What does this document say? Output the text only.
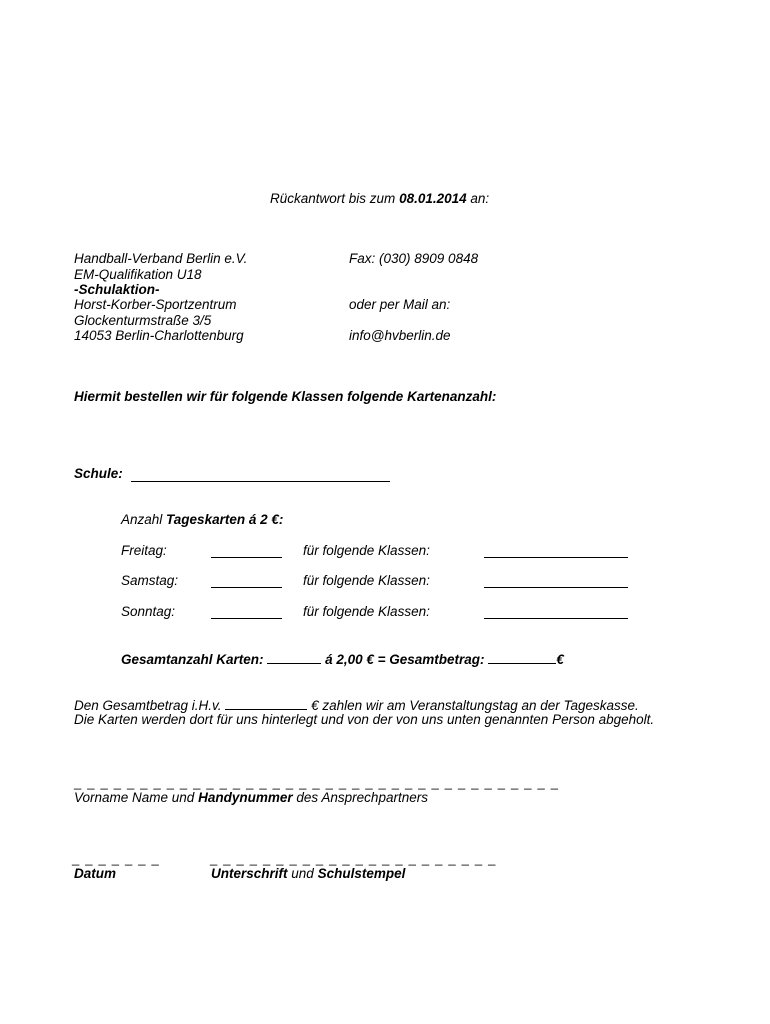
Rückantwort bis zum 08.01.2014 an:
Handball-Verband Berlin e.V.
EM-Qualifikation U18
-Schulaktion-
Horst-Korber-Sportzentrum
Glockenturmstraße 3/5
14053 Berlin-Charlottenburg
Fax: (030) 8909 0848
oder per Mail an:
info@hvberlin.de
Hiermit bestellen wir für folgende Klassen folgende Kartenanzahl:
Schule:
Anzahl Tageskarten á 2 €:
Freitag:	für folgende Klassen:
Samstag:	für folgende Klassen:
Sonntag:	für folgende Klassen:
Gesamtanzahl Karten:	á 2,00 € = Gesamtbetrag:	€
Den Gesamtbetrag i.H.v.	€ zahlen wir am Veranstaltungstag an der Tageskasse.
Die Karten werden dort für uns hinterlegt und von der von uns unten genannten Person abgeholt.
_ _ _ _ _ _ _ _ _ _ _ _ _ _ _ _ _ _ _ _ _ _ _ _ _ _ _ _ _ _ _ _ _ _ _ _ _
Vorname Name und Handynummer des Ansprechpartners
_ _ _ _ _ _ _	_ _ _ _ _ _ _ _ _ _ _ _ _ _ _ _ _ _ _ _ _ _
Datum	Unterschrift und Schulstempel
